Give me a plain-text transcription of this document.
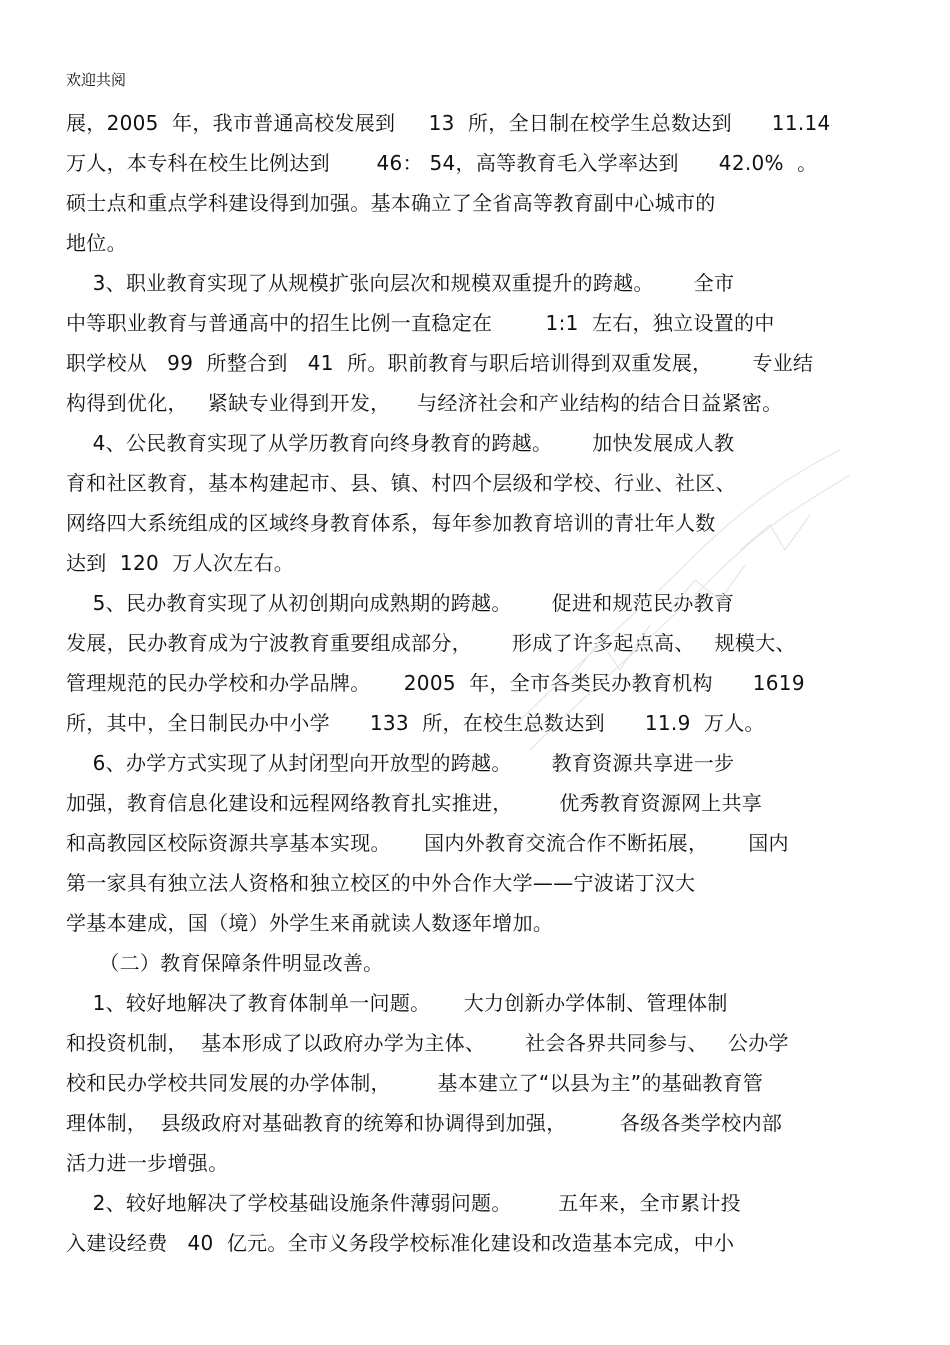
欢迎共阅
展，2005  年，我市普通高校发展到     13  所，全日制在校学生总数达到      11.14
万人，本专科在校生比例达到       46： 54，高等教育毛入学率达到      42.0%  。
硕士点和重点学科建设得到加强。基本确立了全省高等教育副中心城市的
地位。
3、职业教育实现了从规模扩张向层次和规模双重提升的跨越。      全市
中等职业教育与普通高中的招生比例一直稳定在        1:1  左右，独立设置的中
职学校从   99  所整合到   41  所。职前教育与职后培训得到双重发展，      专业结
构得到优化，   紧缺专业得到开发，    与经济社会和产业结构的结合日益紧密。
4、公民教育实现了从学历教育向终身教育的跨越。      加快发展成人教
育和社区教育，基本构建起市、县、镇、村四个层级和学校、行业、社区、
网络四大系统组成的区域终身教育体系，每年参加教育培训的青壮年人数
达到  120  万人次左右。
5、民办教育实现了从初创期向成熟期的跨越。      促进和规范民办教育
发展，民办教育成为宁波教育重要组成部分，      形成了许多起点高、   规模大、
管理规范的民办学校和办学品牌。     2005  年，全市各类民办教育机构      1619
所，其中，全日制民办中小学      133  所，在校生总数达到      11.9  万人。
6、办学方式实现了从封闭型向开放型的跨越。      教育资源共享进一步
加强，教育信息化建设和远程网络教育扎实推进，       优秀教育资源网上共享
和高教园区校际资源共享基本实现。     国内外教育交流合作不断拓展，      国内
第一家具有独立法人资格和独立校区的中外合作大学——宁波诺丁汉大
学基本建成，国（境）外学生来甬就读人数逐年增加。
（二）教育保障条件明显改善。
1、较好地解决了教育体制单一问题。     大力创新办学体制、管理体制
和投资机制，  基本形成了以政府办学为主体、      社会各界共同参与、   公办学
校和民办学校共同发展的办学体制，       基本建立了“以县为主”的基础教育管
理体制，  县级政府对基础教育的统筹和协调得到加强，        各级各类学校内部
活力进一步增强。
2、较好地解决了学校基础设施条件薄弱问题。       五年来，全市累计投
入建设经费   40  亿元。全市义务段学校标准化建设和改造基本完成，中小
